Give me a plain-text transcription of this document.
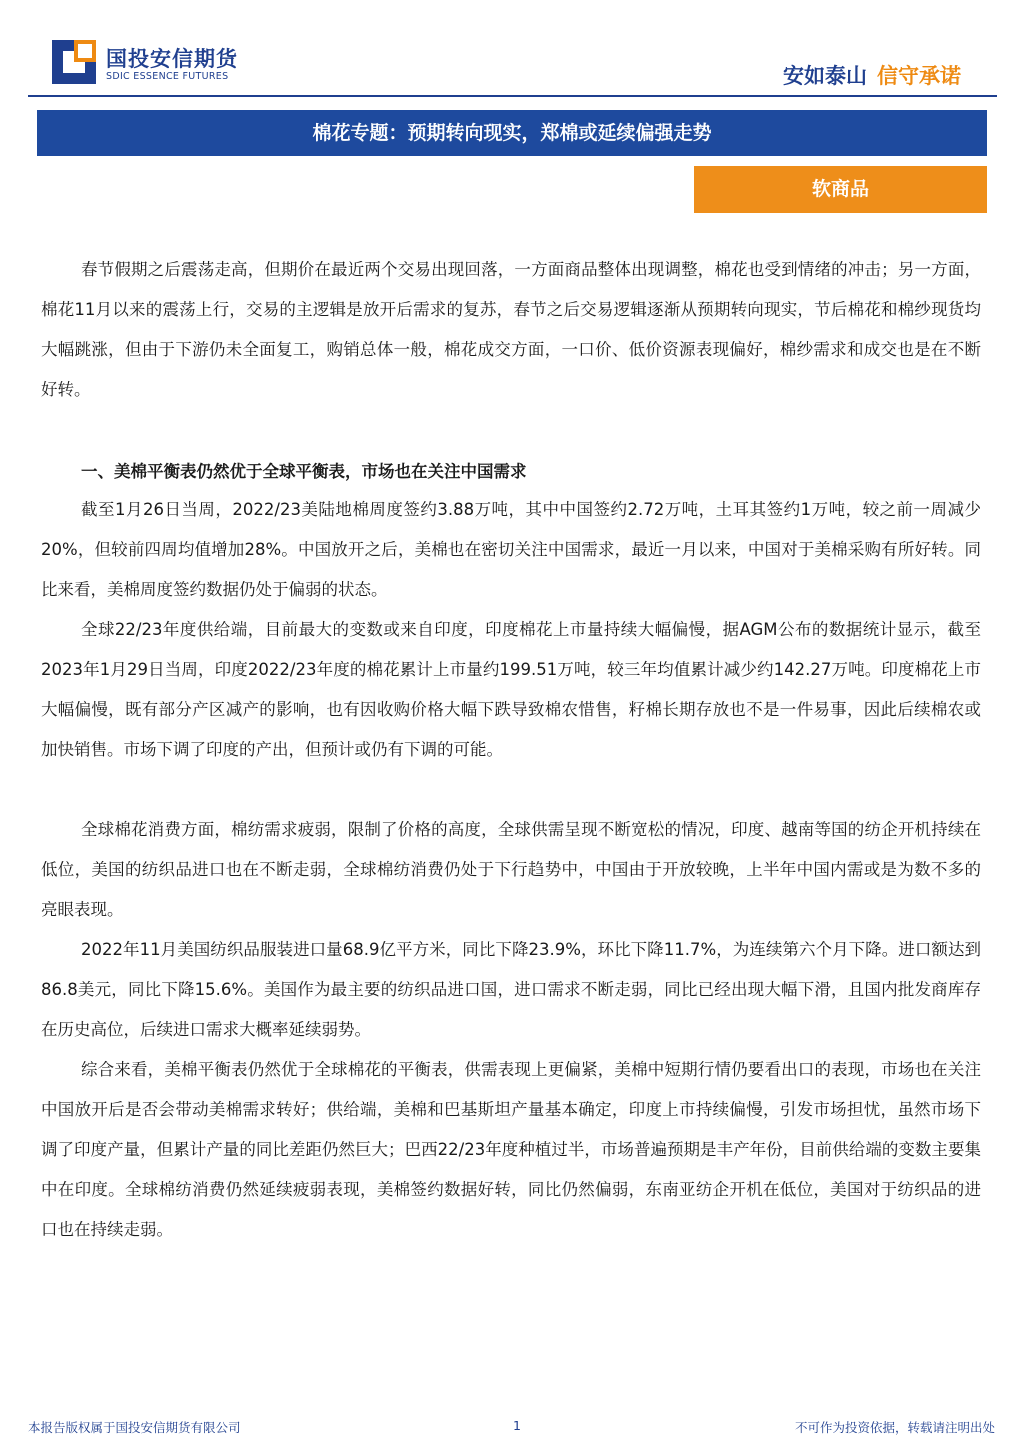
国投安信期货
SDIC ESSENCE FUTURES	安如泰山 信守承诺
棉花专题：预期转向现实，郑棉或延续偏强走势
软商品

春节假期之后震荡走高，但期价在最近两个交易出现回落，一方面商品整体出现调整，棉花也受到情绪的冲击；另一方面，棉花11月以来的震荡上行，交易的主逻辑是放开后需求的复苏，春节之后交易逻辑逐渐从预期转向现实，节后棉花和棉纱现货均大幅跳涨，但由于下游仍未全面复工，购销总体一般，棉花成交方面，一口价、低价资源表现偏好，棉纱需求和成交也是在不断好转。

一、美棉平衡表仍然优于全球平衡表，市场也在关注中国需求

截至1月26日当周，2022/23美陆地棉周度签约3.88万吨，其中中国签约2.72万吨，土耳其签约1万吨，较之前一周减少20%，但较前四周均值增加28%。中国放开之后，美棉也在密切关注中国需求，最近一月以来，中国对于美棉采购有所好转。同比来看，美棉周度签约数据仍处于偏弱的状态。

全球22/23年度供给端，目前最大的变数或来自印度，印度棉花上市量持续大幅偏慢，据AGM公布的数据统计显示，截至2023年1月29日当周，印度2022/23年度的棉花累计上市量约199.51万吨，较三年均值累计减少约142.27万吨。印度棉花上市大幅偏慢，既有部分产区减产的影响，也有因收购价格大幅下跌导致棉农惜售，籽棉长期存放也不是一件易事，因此后续棉农或加快销售。市场下调了印度的产出，但预计或仍有下调的可能。

全球棉花消费方面，棉纺需求疲弱，限制了价格的高度，全球供需呈现不断宽松的情况，印度、越南等国的纺企开机持续在低位，美国的纺织品进口也在不断走弱，全球棉纺消费仍处于下行趋势中，中国由于开放较晚，上半年中国内需或是为数不多的亮眼表现。

2022年11月美国纺织品服装进口量68.9亿平方米，同比下降23.9%，环比下降11.7%，为连续第六个月下降。进口额达到86.8美元，同比下降15.6%。美国作为最主要的纺织品进口国，进口需求不断走弱，同比已经出现大幅下滑，且国内批发商库存在历史高位，后续进口需求大概率延续弱势。

综合来看，美棉平衡表仍然优于全球棉花的平衡表，供需表现上更偏紧，美棉中短期行情仍要看出口的表现，市场也在关注中国放开后是否会带动美棉需求转好；供给端，美棉和巴基斯坦产量基本确定，印度上市持续偏慢，引发市场担忧，虽然市场下调了印度产量，但累计产量的同比差距仍然巨大；巴西22/23年度种植过半，市场普遍预期是丰产年份，目前供给端的变数主要集中在印度。全球棉纺消费仍然延续疲弱表现，美棉签约数据好转，同比仍然偏弱，东南亚纺企开机在低位，美国对于纺织品的进口也在持续走弱。

本报告版权属于国投安信期货有限公司	1	不可作为投资依据，转载请注明出处
